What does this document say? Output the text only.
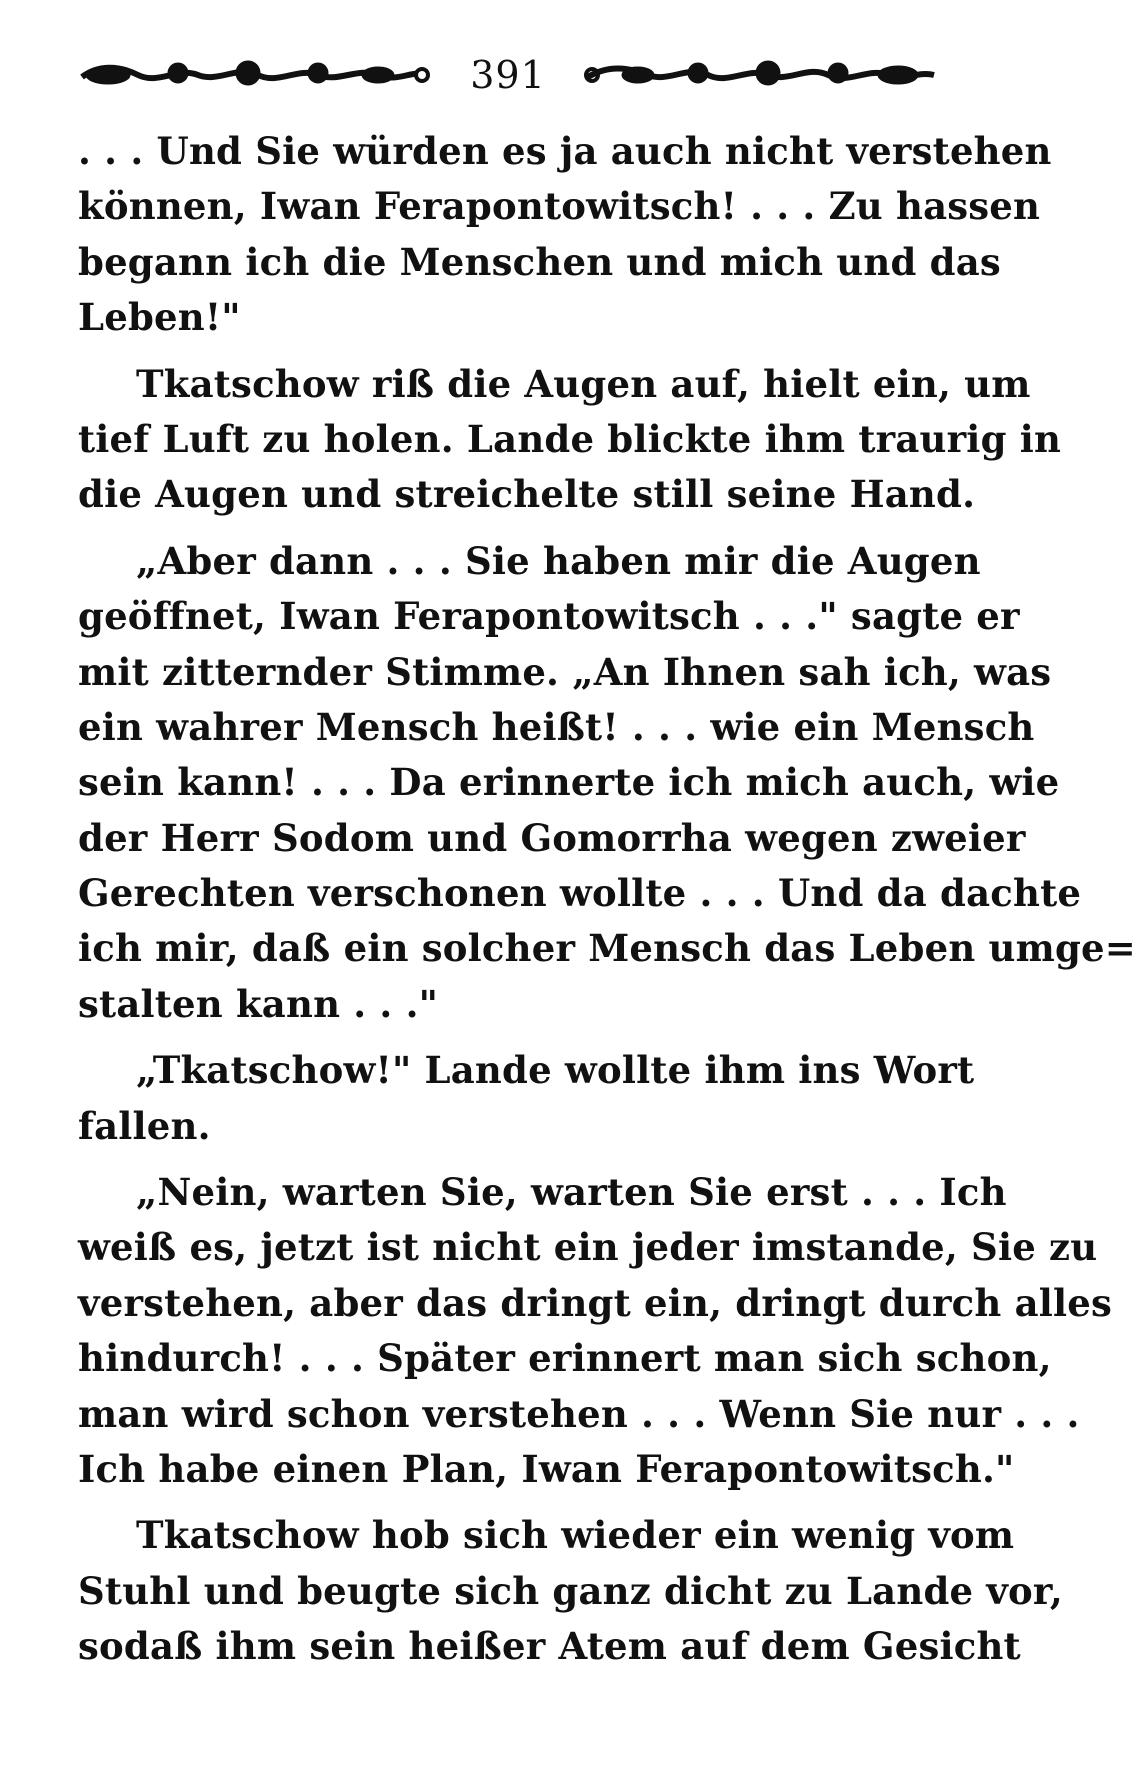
391
. . . Und Sie würden es ja auch nicht verstehen
können, Iwan Ferapontowitsch! . . . Zu hassen
begann ich die Menschen und mich und das
Leben!"
Tkatschow riß die Augen auf, hielt ein, um
tief Luft zu holen. Lande blickte ihm traurig in
die Augen und streichelte still seine Hand.
„Aber dann . . . Sie haben mir die Augen
geöffnet, Iwan Ferapontowitsch . . ." sagte er
mit zitternder Stimme. „An Ihnen sah ich, was
ein wahrer Mensch heißt! . . . wie ein Mensch
sein kann! . . . Da erinnerte ich mich auch, wie
der Herr Sodom und Gomorrha wegen zweier
Gerechten verschonen wollte . . . Und da dachte
ich mir, daß ein solcher Mensch das Leben umge=
stalten kann . . ."
„Tkatschow!" Lande wollte ihm ins Wort
fallen.
„Nein, warten Sie, warten Sie erst . . . Ich
weiß es, jetzt ist nicht ein jeder imstande, Sie zu
verstehen, aber das dringt ein, dringt durch alles
hindurch! . . . Später erinnert man sich schon,
man wird schon verstehen . . . Wenn Sie nur . . .
Ich habe einen Plan, Iwan Ferapontowitsch."
Tkatschow hob sich wieder ein wenig vom
Stuhl und beugte sich ganz dicht zu Lande vor,
sodaß ihm sein heißer Atem auf dem Gesicht
